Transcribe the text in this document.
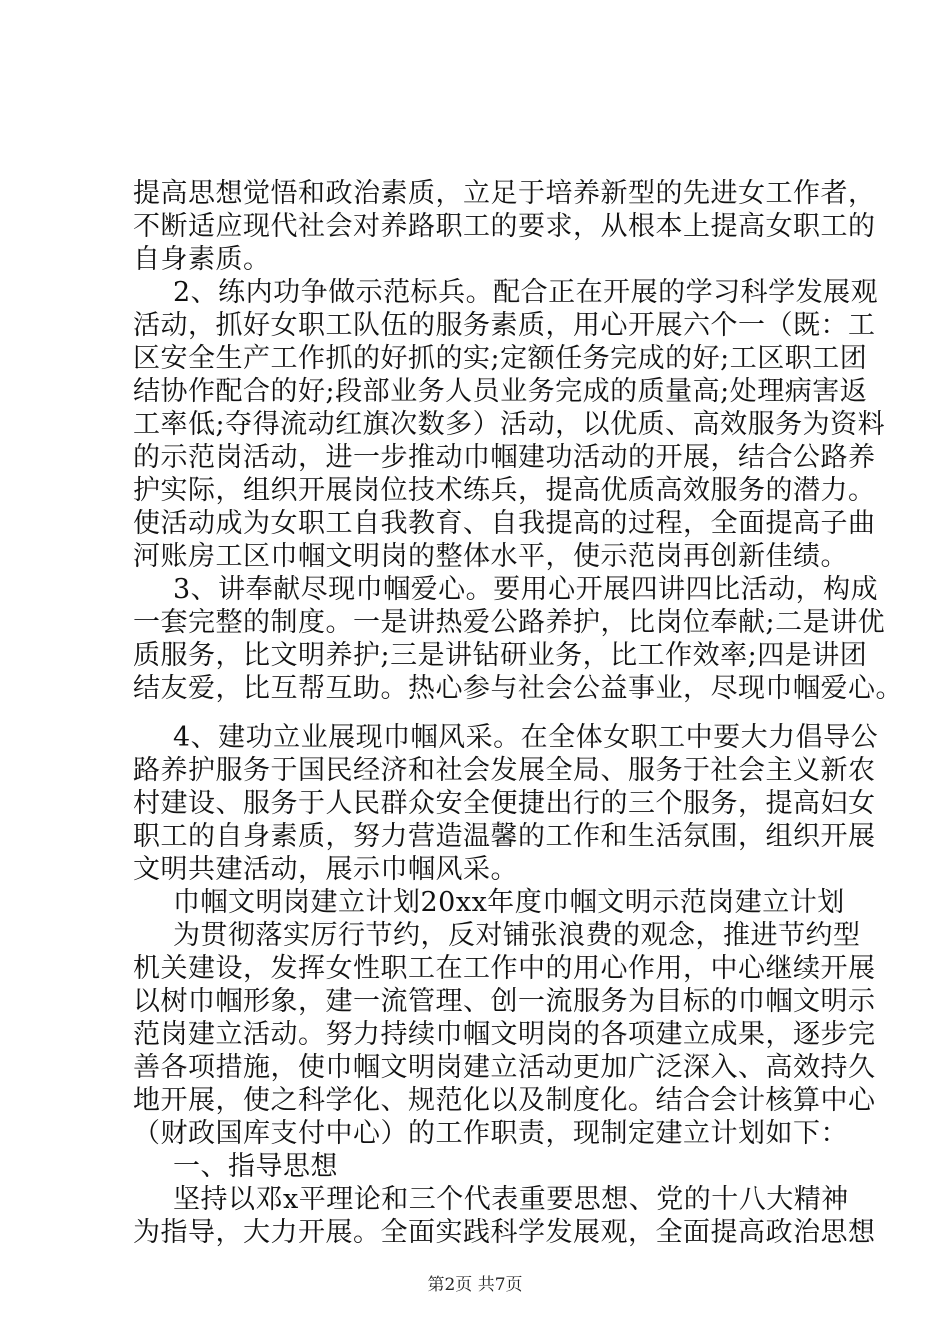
提高思想觉悟和政治素质，立足于培养新型的先进女工作者，
不断适应现代社会对养路职工的要求，从根本上提高女职工的
自身素质。
2、练内功争做示范标兵。配合正在开展的学习科学发展观
活动，抓好女职工队伍的服务素质，用心开展六个一（既：工
区安全生产工作抓的好抓的实;定额任务完成的好;工区职工团
结协作配合的好;段部业务人员业务完成的质量高;处理病害返
工率低;夺得流动红旗次数多）活动，以优质、高效服务为资料
的示范岗活动，进一步推动巾帼建功活动的开展，结合公路养
护实际，组织开展岗位技术练兵，提高优质高效服务的潜力。
使活动成为女职工自我教育、自我提高的过程，全面提高子曲
河账房工区巾帼文明岗的整体水平，使示范岗再创新佳绩。
3、讲奉献尽现巾帼爱心。要用心开展四讲四比活动，构成
一套完整的制度。一是讲热爱公路养护，比岗位奉献;二是讲优
质服务，比文明养护;三是讲钻研业务，比工作效率;四是讲团
结友爱，比互帮互助。热心参与社会公益事业，尽现巾帼爱心。
4、建功立业展现巾帼风采。在全体女职工中要大力倡导公
路养护服务于国民经济和社会发展全局、服务于社会主义新农
村建设、服务于人民群众安全便捷出行的三个服务，提高妇女
职工的自身素质，努力营造温馨的工作和生活氛围，组织开展
文明共建活动，展示巾帼风采。
巾帼文明岗建立计划20xx年度巾帼文明示范岗建立计划
为贯彻落实厉行节约，反对铺张浪费的观念，推进节约型
机关建设，发挥女性职工在工作中的用心作用，中心继续开展
以树巾帼形象，建一流管理、创一流服务为目标的巾帼文明示
范岗建立活动。努力持续巾帼文明岗的各项建立成果，逐步完
善各项措施，使巾帼文明岗建立活动更加广泛深入、高效持久
地开展，使之科学化、规范化以及制度化。结合会计核算中心
（财政国库支付中心）的工作职责，现制定建立计划如下：
一、指导思想
坚持以邓x平理论和三个代表重要思想、党的十八大精神
为指导，大力开展。全面实践科学发展观，全面提高政治思想
第2页 共7页
